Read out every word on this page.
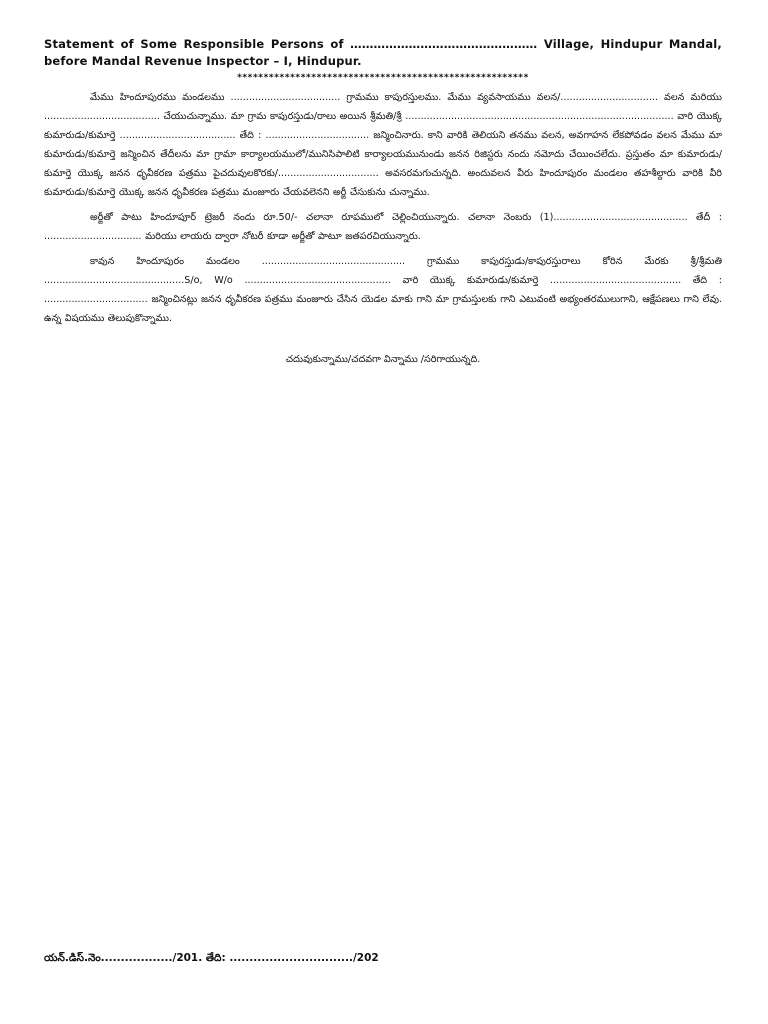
Statement of Some Responsible Persons of ………………………………………… Village, Hindupur Mandal, before Mandal Revenue Inspector – I, Hindupur.

*******************************************************

మేము హిందూపురము మండలము .................................... గ్రామము కాపురస్తులము. మేము వ్యవసాయము వలన/................................ వలన మరియు ...................................... చేయుచున్నాము. మా గ్రామ కాపురస్తుడు/రాలు అయిన శ్రీమతి/శ్రీ ........................................................................................ వారి యొక్క కుమారుడు/కుమార్తె ...................................... తేది : .................................. జన్మించినారు. కాని వారికి తెలియని తనము వలన, అవగాహన లేకపోవడం వలన మేము మా కుమారుడు/కుమార్తె జన్మించిన తేదీలను మా గ్రామా కార్యాలయములో/మునిసిపాలిటి కార్యాలయమునుండు జనన రిజిస్టరు నందు నమోదు చేయించలేదు. ప్రస్తుతం మా కుమారుడు/కుమార్తె యొక్క జనన ధృవీకరణ పత్రము పైచదువులకొరకు/................................. అవసరమగుచున్నది. అందువలన వీరు హిందూపురం మండలం తహశీల్దారు వారికి వీరి కుమారుడు/కుమార్తె యొక్క జనన ధృవీకరణ పత్రము మంజూరు చేయవలెనని అర్జీ చేసుకును చున్నాము.

అర్జీతో పాటు హిందూపూర్ ట్రెజరీ నందు రూ.50/- చలానా రూపములో చెల్లించియున్నారు. చలానా నెంబరు (1)............................................ తేదీ : ................................ మరియు లాయరు ద్వారా నోటరీ కూడా అర్జీతో పాటూ జతపరచియున్నారు.

కావున హిందూపురం మండలం ............................................... గ్రామము కాపురస్తుడు/కాపురస్తురాలు కోరిన మేరకు శ్రీ/శ్రీమతి ..............................................S/o, W/o ................................................ వారి యొక్క కుమారుడు/కుమార్తె ........................................... తేది : .................................. జన్మించినట్లు జనన ధృవీకరణ పత్రము మంజూరు చేసిన యెడల మాకు గాని మా గ్రామస్తులకు గాని ఎటువంటి అభ్యంతరములుగాని, ఆక్షేపణలు గాని లేవు. ఉన్న విషయము తెలుపుకొన్నాము.

చదువుకున్నాము/చదవగా విన్నాము /సరిగాయున్నది.
యన్.డిస్.నెం................../201. తేది: .............................../202
